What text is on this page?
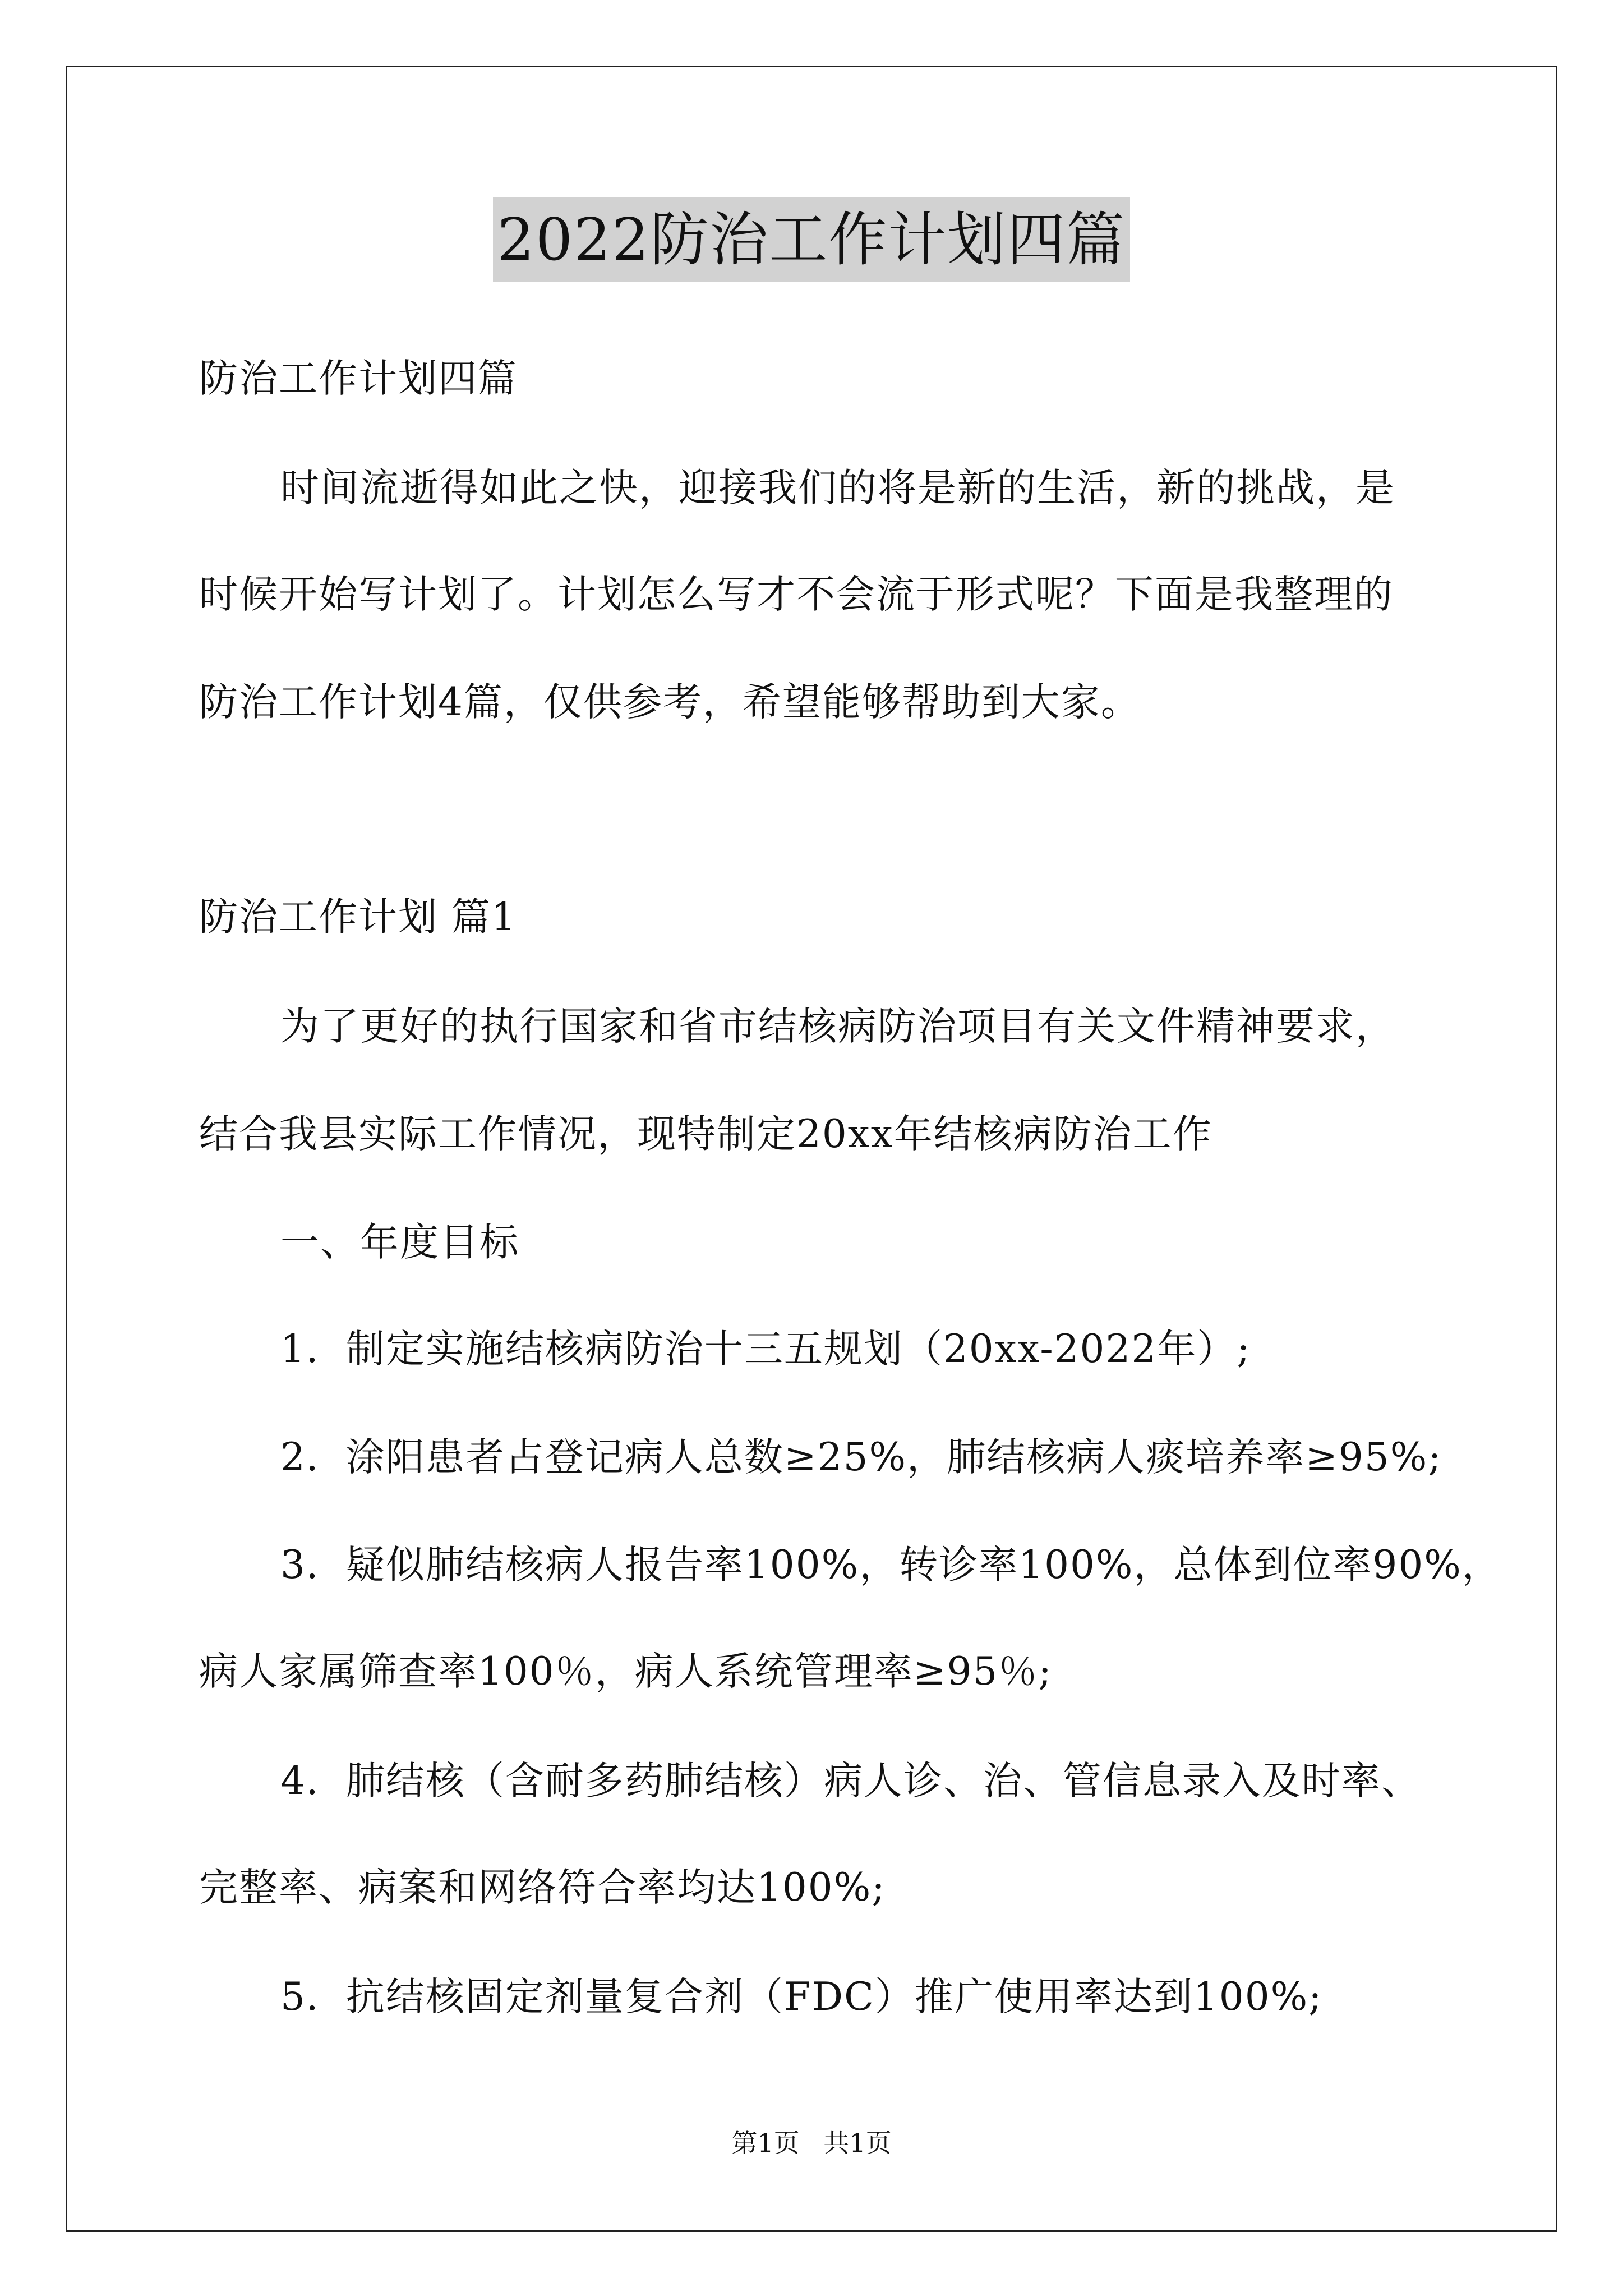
2022防治工作计划四篇
防治工作计划四篇
时间流逝得如此之快，迎接我们的将是新的生活，新的挑战，是
时候开始写计划了。计划怎么写才不会流于形式呢？下面是我整理的
防治工作计划4篇，仅供参考，希望能够帮助到大家。
防治工作计划 篇1
为了更好的执行国家和省市结核病防治项目有关文件精神要求，
结合我县实际工作情况，现特制定20xx年结核病防治工作
一、年度目标
1．制定实施结核病防治十三五规划（20xx-2022年）;
2．涂阳患者占登记病人总数≥25%，肺结核病人痰培养率≥95%;
3．疑似肺结核病人报告率100%，转诊率100%，总体到位率90%，
病人家属筛查率100％，病人系统管理率≥95％;
4．肺结核（含耐多药肺结核）病人诊、治、管信息录入及时率、
完整率、病案和网络符合率均达100%;
5．抗结核固定剂量复合剂（FDC）推广使用率达到100%;
第1页 共1页
